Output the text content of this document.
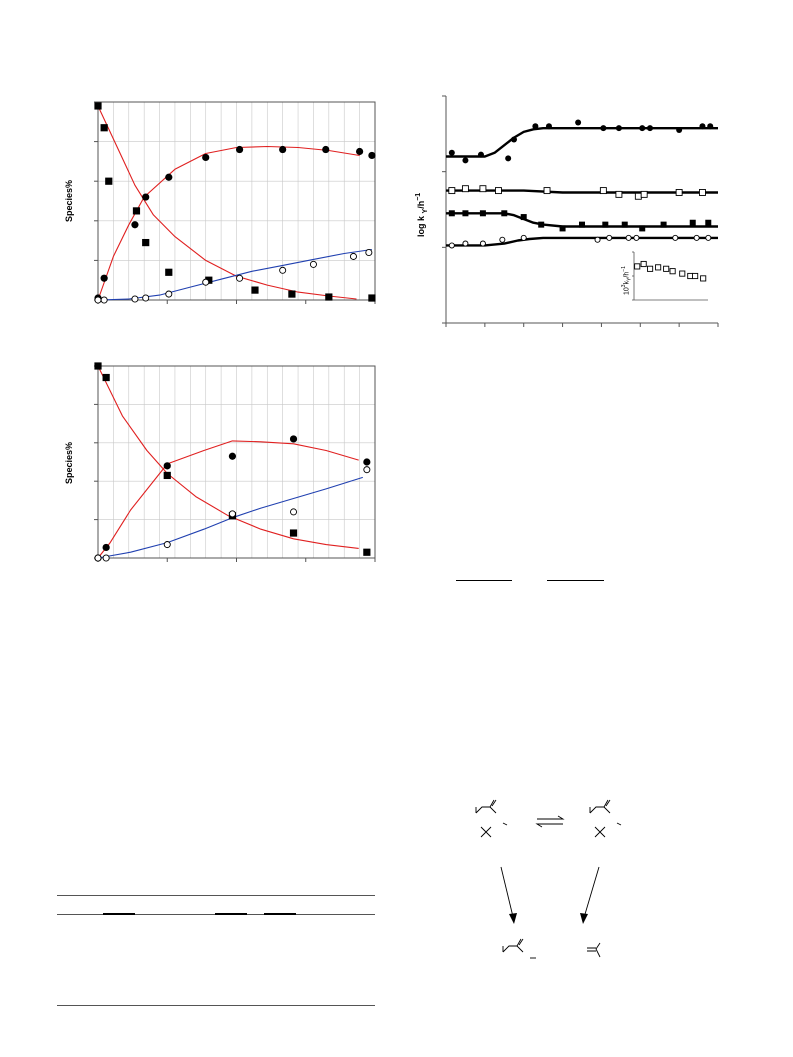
Species%
Species%
log k $_Y/h^{-1}$
$10^3k_Y/h^{-1}$
